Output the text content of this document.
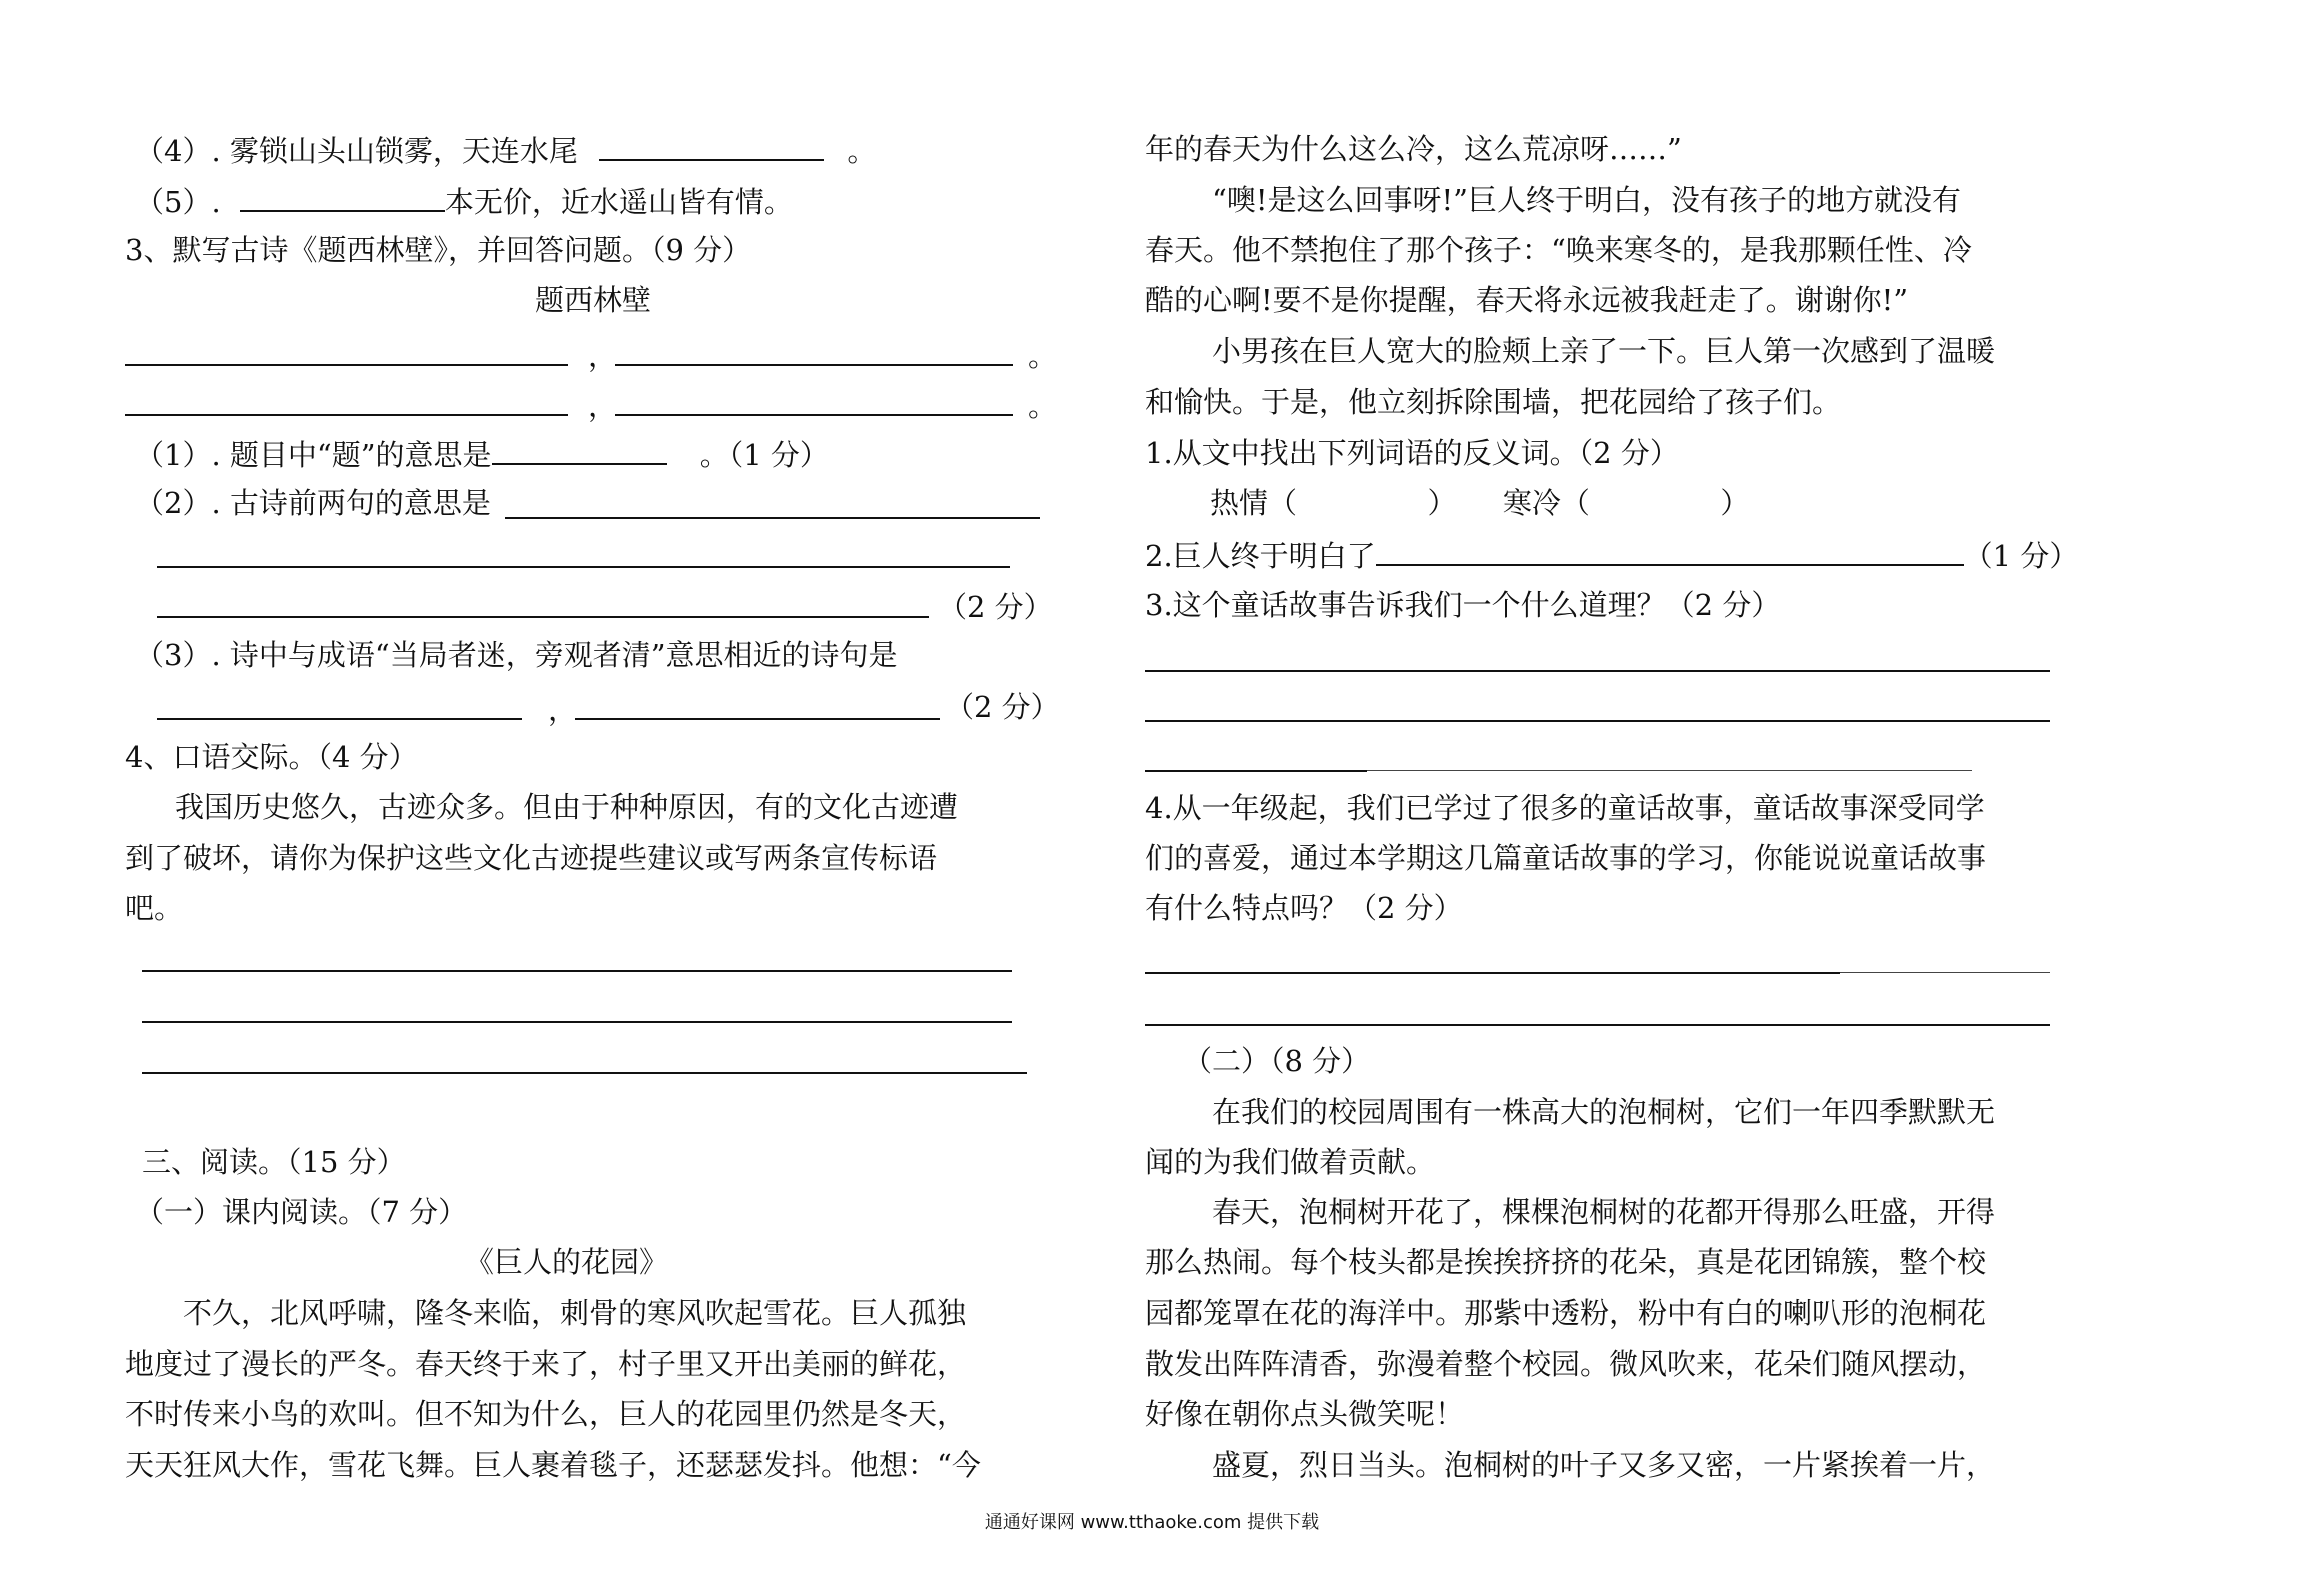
（4）. 雾锁山头山锁雾，天连水尾	。
（5）.	本无价，近水遥山皆有情。
3、默写古诗《题西林壁》，并回答问题。（9 分）
题西林壁
，	。
，	。
（1）. 题目中“题”的意思是	。（1 分）
（2）. 古诗前两句的意思是
（2 分）
（3）. 诗中与成语“当局者迷，旁观者清”意思相近的诗句是
，	（2 分）
4、口语交际。（4 分）
我国历史悠久，古迹众多。但由于种种原因，有的文化古迹遭
到了破坏，请你为保护这些文化古迹提些建议或写两条宣传标语
吧。
三、阅读。（15 分）
（一）课内阅读。（7 分）
《巨人的花园》
不久，北风呼啸，隆冬来临，刺骨的寒风吹起雪花。巨人孤独
地度过了漫长的严冬。春天终于来了，村子里又开出美丽的鲜花，
不时传来小鸟的欢叫。但不知为什么，巨人的花园里仍然是冬天，
天天狂风大作，雪花飞舞。巨人裹着毯子，还瑟瑟发抖。他想：“今
年的春天为什么这么冷，这么荒凉呀……”
“噢!是这么回事呀!”巨人终于明白，没有孩子的地方就没有
春天。他不禁抱住了那个孩子：“唤来寒冬的，是我那颗任性、冷
酷的心啊!要不是你提醒，春天将永远被我赶走了。谢谢你!”
小男孩在巨人宽大的脸颊上亲了一下。巨人第一次感到了温暖
和愉快。于是，他立刻拆除围墙，把花园给了孩子们。
1.从文中找出下列词语的反义词。（2 分）
热情（	） 寒冷（	）
2.巨人终于明白了	（1 分）
3.这个童话故事告诉我们一个什么道理？（2 分）
4.从一年级起，我们已学过了很多的童话故事，童话故事深受同学
们的喜爱，通过本学期这几篇童话故事的学习，你能说说童话故事
有什么特点吗？（2 分）
（二）（8 分）
在我们的校园周围有一株高大的泡桐树，它们一年四季默默无
闻的为我们做着贡献。
春天，泡桐树开花了，棵棵泡桐树的花都开得那么旺盛，开得
那么热闹。每个枝头都是挨挨挤挤的花朵，真是花团锦簇，整个校
园都笼罩在花的海洋中。那紫中透粉，粉中有白的喇叭形的泡桐花
散发出阵阵清香，弥漫着整个校园。微风吹来，花朵们随风摆动，
好像在朝你点头微笑呢！
盛夏，烈日当头。泡桐树的叶子又多又密，一片紧挨着一片，
通通好课网 www.tthaoke.com 提供下载
